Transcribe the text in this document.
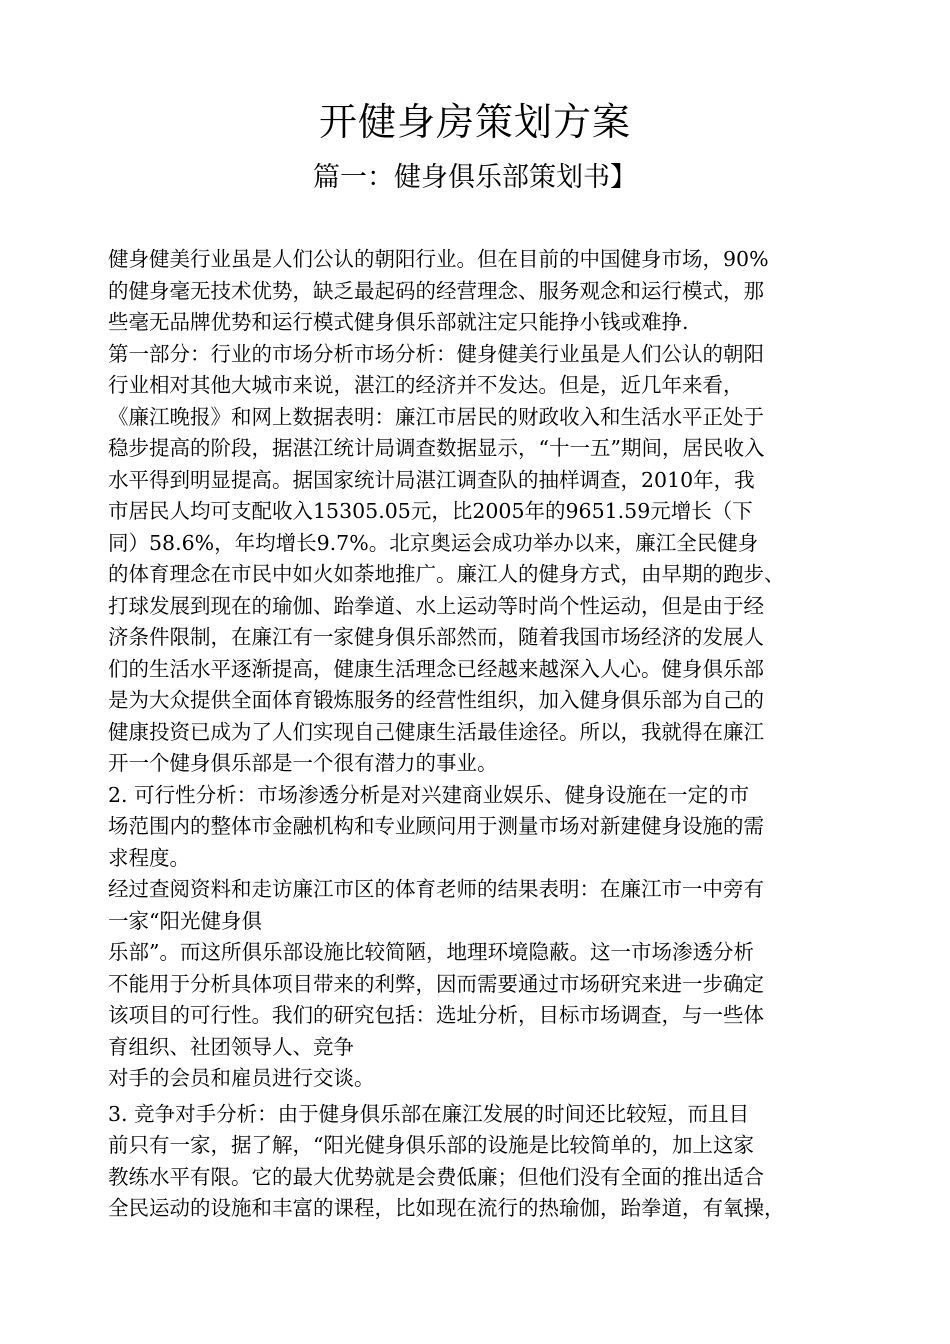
开健身房策划方案
篇一：健身俱乐部策划书】
健身健美行业虽是人们公认的朝阳行业。但在目前的中国健身市场，90%
的健身毫无技术优势，缺乏最起码的经营理念、服务观念和运行模式，那
些毫无品牌优势和运行模式健身俱乐部就注定只能挣小钱或难挣.
第一部分：行业的市场分析市场分析：健身健美行业虽是人们公认的朝阳
行业相对其他大城市来说，湛江的经济并不发达。但是，近几年来看，
《廉江晚报》和网上数据表明：廉江市居民的财政收入和生活水平正处于
稳步提高的阶段，据湛江统计局调查数据显示，“十一五”期间，居民收入
水平得到明显提高。据国家统计局湛江调查队的抽样调查，2010年，我
市居民人均可支配收入15305.05元，比2005年的9651.59元增长（下
同）58.6%，年均增长9.7%。北京奥运会成功举办以来，廉江全民健身
的体育理念在市民中如火如荼地推广。廉江人的健身方式，由早期的跑步、
打球发展到现在的瑜伽、跆拳道、水上运动等时尚个性运动，但是由于经
济条件限制，在廉江有一家健身俱乐部然而，随着我国市场经济的发展人
们的生活水平逐渐提高，健康生活理念已经越来越深入人心。健身俱乐部
是为大众提供全面体育锻炼服务的经营性组织，加入健身俱乐部为自己的
健康投资已成为了人们实现自己健康生活最佳途径。所以，我就得在廉江
开一个健身俱乐部是一个很有潜力的事业。
2. 可行性分析：市场渗透分析是对兴建商业娱乐、健身设施在一定的市
场范围内的整体市金融机构和专业顾问用于测量市场对新建健身设施的需
求程度。
经过查阅资料和走访廉江市区的体育老师的结果表明：在廉江市一中旁有
一家“阳光健身俱
乐部”。而这所俱乐部设施比较简陋，地理环境隐蔽。这一市场渗透分析
不能用于分析具体项目带来的利弊，因而需要通过市场研究来进一步确定
该项目的可行性。我们的研究包括：选址分析，目标市场调查，与一些体
育组织、社团领导人、竞争
对手的会员和雇员进行交谈。
3. 竞争对手分析：由于健身俱乐部在廉江发展的时间还比较短，而且目
前只有一家，据了解，“阳光健身俱乐部的设施是比较简单的，加上这家
教练水平有限。它的最大优势就是会费低廉；但他们没有全面的推出适合
全民运动的设施和丰富的课程，比如现在流行的热瑜伽，跆拳道，有氧操，
